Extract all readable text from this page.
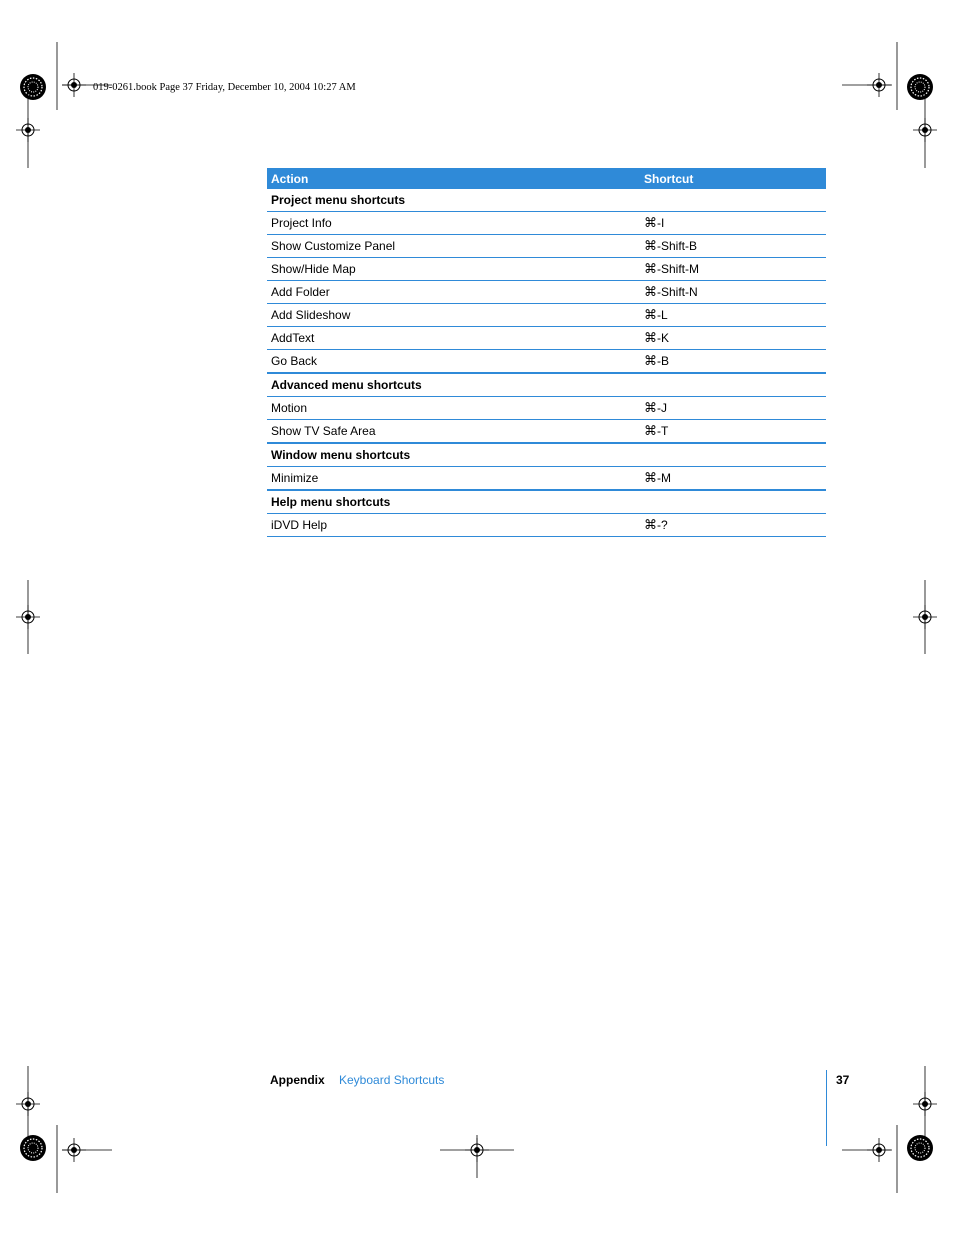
019-0261.book Page 37 Friday, December 10, 2004 10:27 AM
Action	Shortcut
Project menu shortcuts	
Project Info	⌘-I
Show Customize Panel	⌘-Shift-B
Show/Hide Map	⌘-Shift-M
Add Folder	⌘-Shift-N
Add Slideshow	⌘-L
AddText	⌘-K
Go Back	⌘-B
Advanced menu shortcuts	
Motion	⌘-J
Show TV Safe Area	⌘-T
Window menu shortcuts	
Minimize	⌘-M
Help menu shortcuts	
iDVD Help	⌘-?
Appendix Keyboard Shortcuts	37
